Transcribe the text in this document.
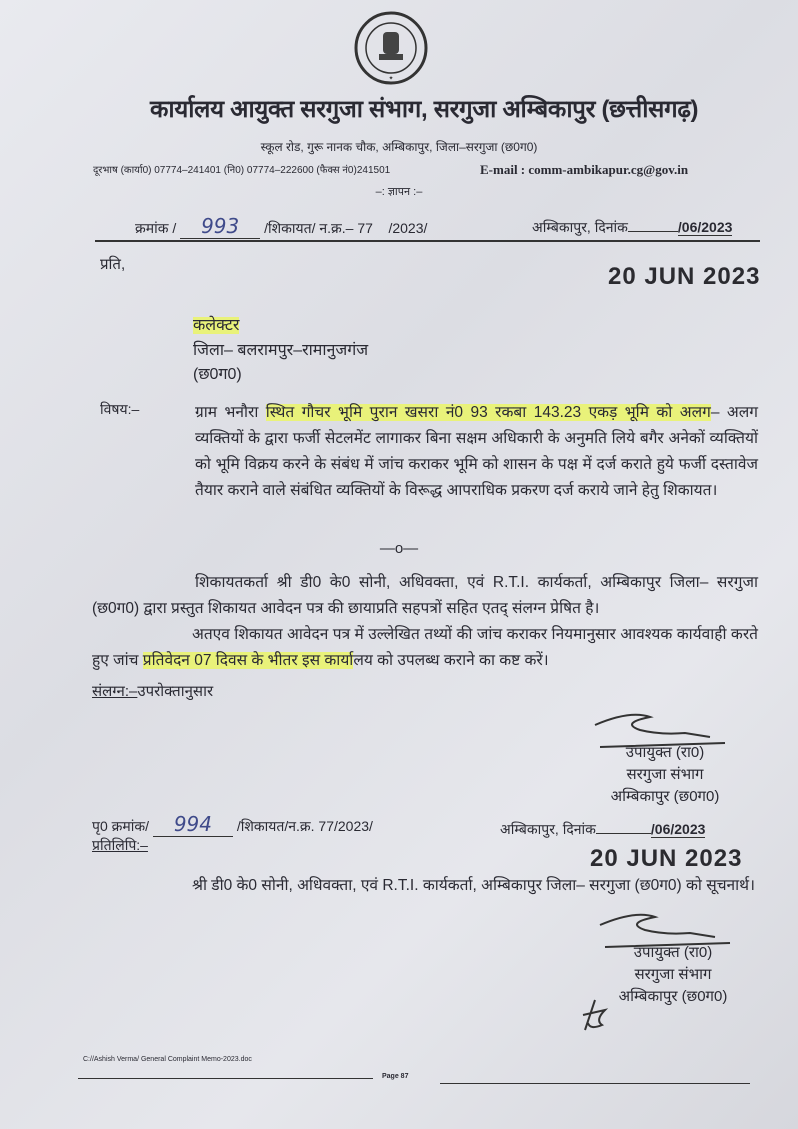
✦
कार्यालय आयुक्त सरगुजा संभाग, सरगुजा अम्बिकापुर (छत्तीसगढ़)
स्कूल रोड, गुरू नानक चौक, अम्बिकापुर, जिला–सरगुजा (छ0ग0)
दूरभाष (कार्या0) 07774–241401 (नि0) 07774–222600 (फैक्स नं0)241501	E-mail : comm-ambikapur.cg@gov.in
–: ज्ञापन :–
क्रमांक / 993 /शिकायत/ न.क्र.– 77    /2023/	अम्बिकापुर, दिनांक	/06/2023
प्रति,	20 JUN 2023
कलेक्टर
जिला– बलरामपुर–रामानुजगंज
(छ0ग0)
विषय:–	ग्राम भनौरा स्थित गौचर भूमि पुरान खसरा नं0 93 रकबा 143.23 एकड़ भूमि को अलग– अलग व्यक्तियों के द्वारा फर्जी सेटलमेंट लागाकर बिना सक्षम अधिकारी के अनुमति लिये बगैर अनेकों व्यक्तियों को भूमि विक्रय करने के संबंध में जांच कराकर भूमि को शासन के पक्ष में दर्ज कराते हुये फर्जी दस्तावेज तैयार कराने वाले संबंधित व्यक्तियों के विरूद्ध आपराधिक प्रकरण दर्ज कराये जाने हेतु शिकायत।
—o—
शिकायतकर्ता श्री डी0 के0 सोनी, अधिवक्ता, एवं R.T.I. कार्यकर्ता, अम्बिकापुर जिला– सरगुजा (छ0ग0) द्वारा प्रस्तुत शिकायत आवेदन पत्र की छायाप्रति सहपत्रों सहित एतद् संलग्न प्रेषित है।
अतएव शिकायत आवेदन पत्र में उल्लेखित तथ्यों की जांच कराकर नियमानुसार आवश्यक कार्यवाही करते हुए जांच प्रतिवेदन 07 दिवस के भीतर इस कार्यालय को उपलब्ध कराने का कष्ट करें।
संलग्न:–उपरोक्तानुसार
उपायुक्त (रा0)
सरगुजा संभाग
अम्बिकापुर (छ0ग0)
पृ0 क्रमांक/ 994 /शिकायत/न.क्र. 77/2023/	अम्बिकापुर, दिनांक	/06/2023
प्रतिलिपि:–	20 JUN 2023
श्री डी0 के0 सोनी, अधिवक्ता, एवं R.T.I. कार्यकर्ता, अम्बिकापुर जिला– सरगुजा (छ0ग0) को सूचनार्थ।
उपायुक्त (रा0)
सरगुजा संभाग
अम्बिकापुर (छ0ग0)
C://Ashish Verma/ General Complaint Memo-2023.doc
Page 87
